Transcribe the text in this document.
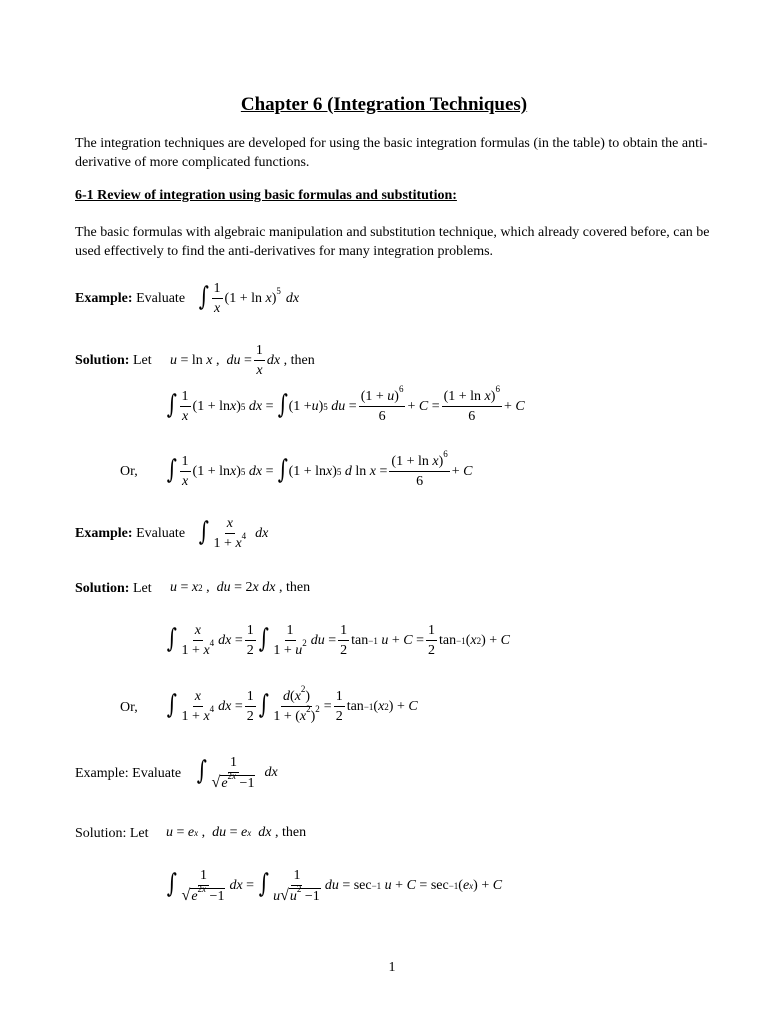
Chapter 6 (Integration Techniques)
The integration techniques are developed for using the basic integration formulas (in the table) to obtain the anti-derivative of more complicated functions.
6-1 Review of integration using basic formulas and substitution:
The basic formulas with algebraic manipulation and substitution technique, which already covered before, can be used effectively to find the anti-derivatives for many integration problems.
Example: Evaluate ∫ $\frac{1}{x} (1 + \ln x)^5$ dx
Solution: Let u = ln x , du = $\frac{1}{x}$ dx
, then
∫ $\frac{1}{x} (1 + \ln x$ ) 5
dx = ∫ (1 + u ) 5
du = $\frac{(1 + u)^6}{6} + C = \frac{(1 + \ln x)^6}{6} + C$
Or, ∫ $\frac{1}{x} (1 + \ln x$ ) 5
dx = ∫ (1 + ln x ) 5
d $\ln x = \frac{(1 + \ln x)^6}{6} + C$
Example: Evaluate ∫ $\frac{x}{1 + x^4}$ dx
Solution: Let u = x 2 , du = 2 x
dx
, then
∫ $\frac{x}{1 + x^4}$ dx = $\frac{1}{2}$ ∫ $\frac{1}{1 + u^2}$ du = $\frac{1}{2}$ tan −1
$u + C = \frac{1}{2}$ tan −1 ( x 2 ) + C
Or, ∫ $\frac{x}{1 + x^4}$ dx = $\frac{1}{2}$ ∫ $\frac{d(x^2)}{1 + (x^2)^2} = \frac{1}{2}$ tan −1 ( x 2 ) + C
Example: Evaluate ∫ $\frac{1}{√e^{2x} -1}$ dx
Solution: Let u = e x , du = e x
dx
, then
∫ $\frac{1}{√e^{2x} -1}$ dx = ∫ $\frac{1}{u√u^2 -1}$ du = sec −1
u + C = sec −1 ( e x ) + C
1
